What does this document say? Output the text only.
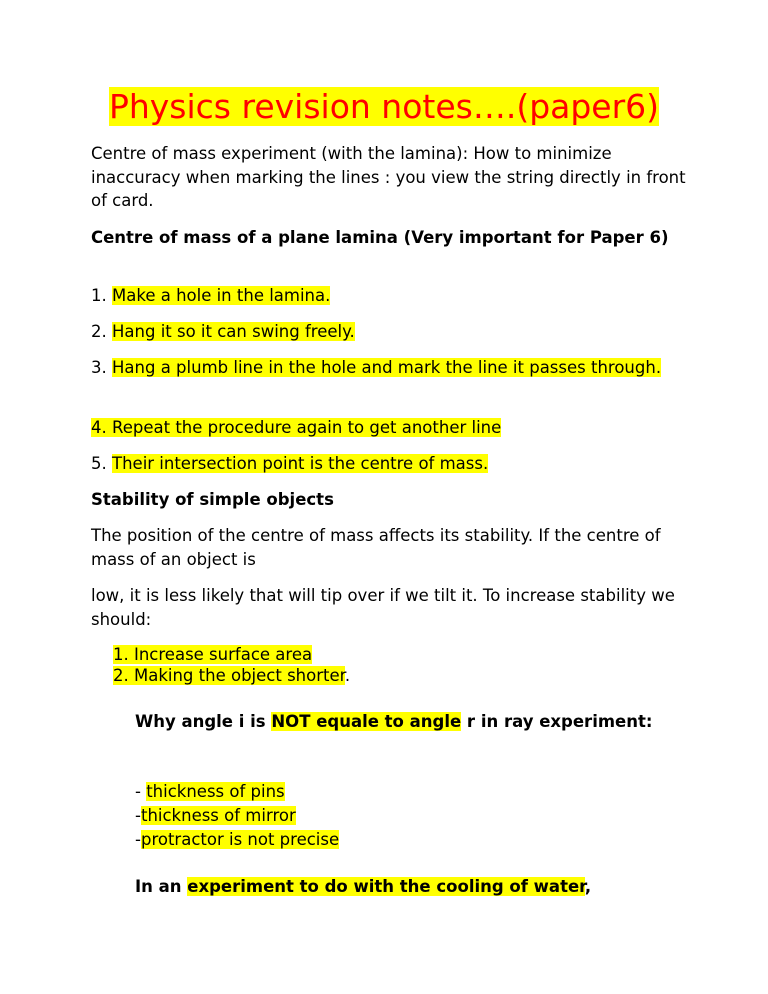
Physics revision notes….(paper6)

Centre of mass experiment (with the lamina): How to minimize inaccuracy when marking the lines : you view the string directly in front of card.

Centre of mass of a plane lamina (Very important for Paper 6)

1. Make a hole in the lamina.

2. Hang it so it can swing freely.

3. Hang a plumb line in the hole and mark the line it passes through.

4. Repeat the procedure again to get another line

5. Their intersection point is the centre of mass.

Stability of simple objects

The position of the centre of mass affects its stability. If the centre of mass of an object is

low, it is less likely that will tip over if we tilt it. To increase stability we should:

1. Increase surface area
2. Making the object shorter.

Why angle i is NOT equale to angle r in ray experiment:

- thickness of pins

-thickness of mirror

-protractor is not precise

In an experiment to do with the cooling of water,
